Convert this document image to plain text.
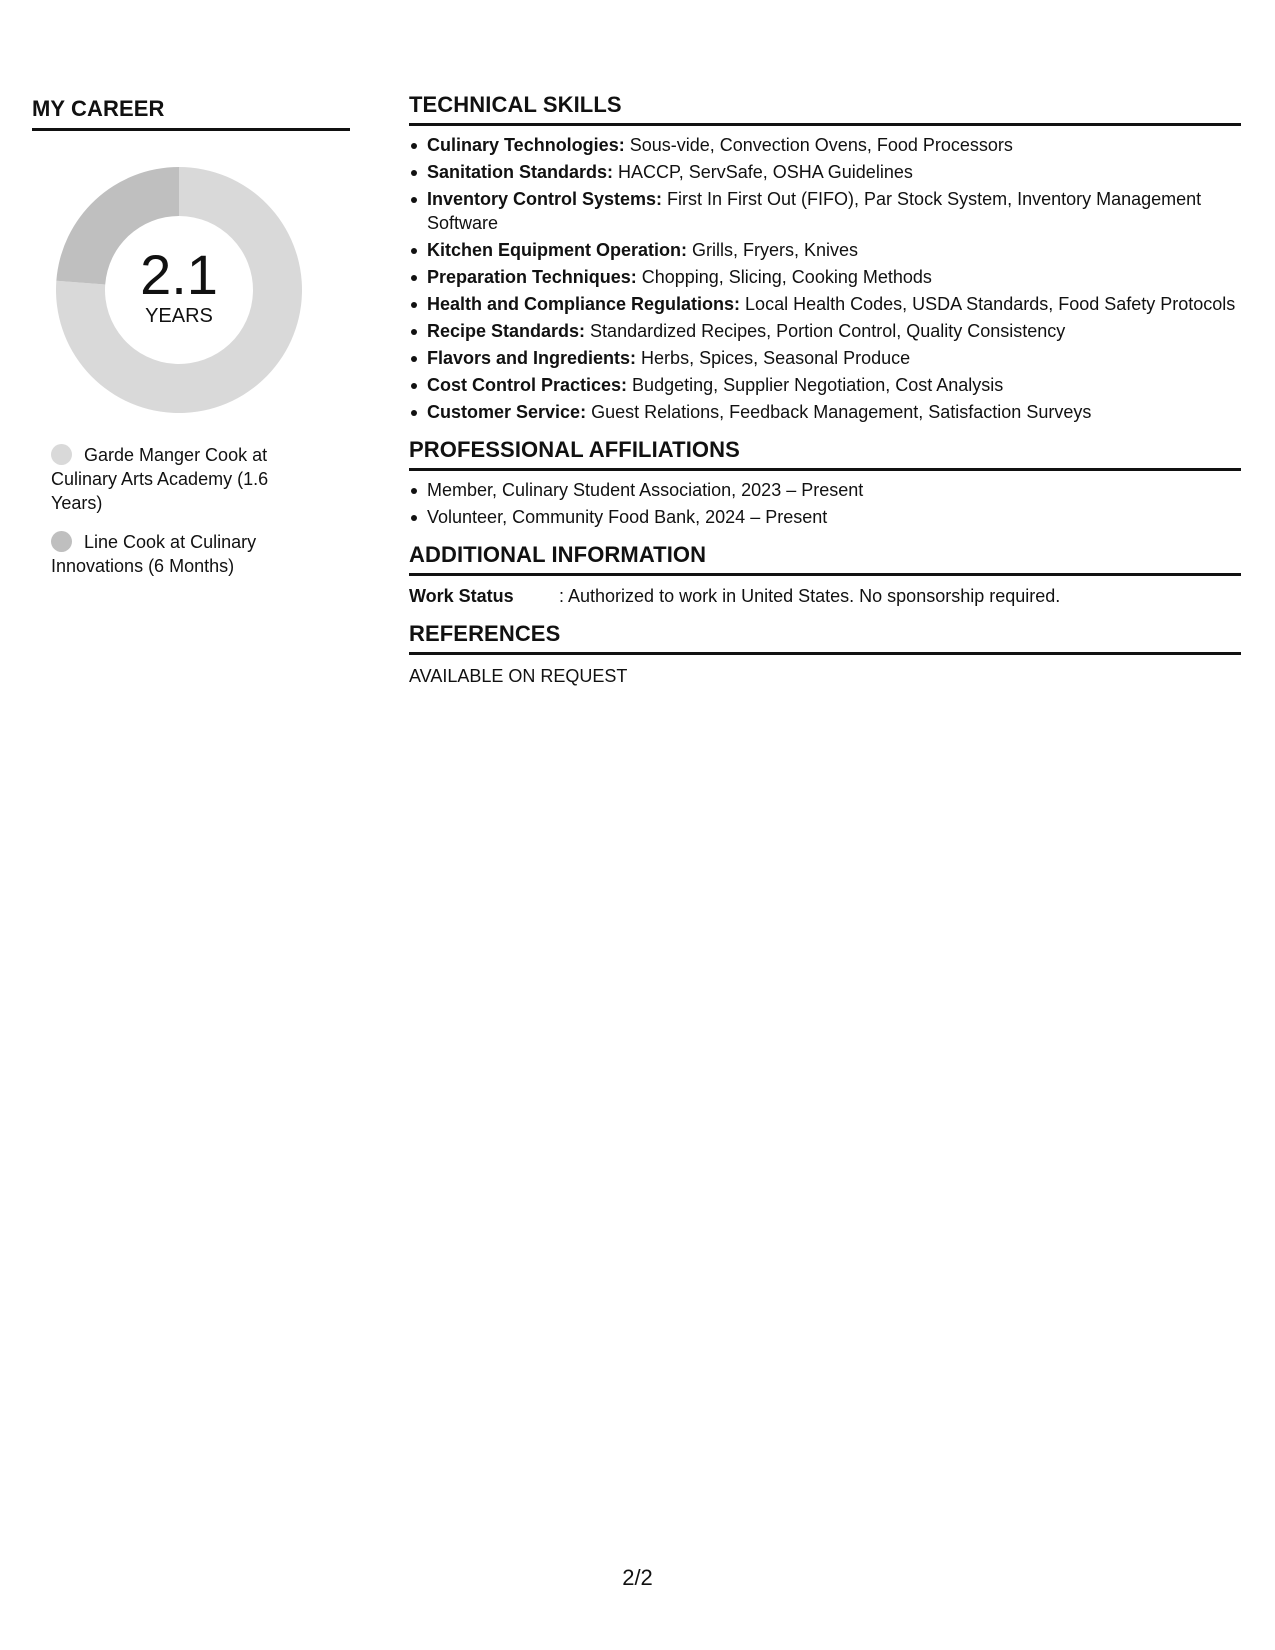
MY CAREER
2.1
YEARS
Garde Manger Cook at Culinary Arts Academy (1.6 Years)
Line Cook at Culinary Innovations (6 Months)
TECHNICAL SKILLS
Culinary Technologies: Sous-vide, Convection Ovens, Food Processors
Sanitation Standards: HACCP, ServSafe, OSHA Guidelines
Inventory Control Systems: First In First Out (FIFO), Par Stock System, Inventory Management Software
Kitchen Equipment Operation: Grills, Fryers, Knives
Preparation Techniques: Chopping, Slicing, Cooking Methods
Health and Compliance Regulations: Local Health Codes, USDA Standards, Food Safety Protocols
Recipe Standards: Standardized Recipes, Portion Control, Quality Consistency
Flavors and Ingredients: Herbs, Spices, Seasonal Produce
Cost Control Practices: Budgeting, Supplier Negotiation, Cost Analysis
Customer Service: Guest Relations, Feedback Management, Satisfaction Surveys
PROFESSIONAL AFFILIATIONS
Member, Culinary Student Association, 2023 – Present
Volunteer, Community Food Bank, 2024 – Present
ADDITIONAL INFORMATION
Work Status	: Authorized to work in United States. No sponsorship required.
REFERENCES
AVAILABLE ON REQUEST
2/2
